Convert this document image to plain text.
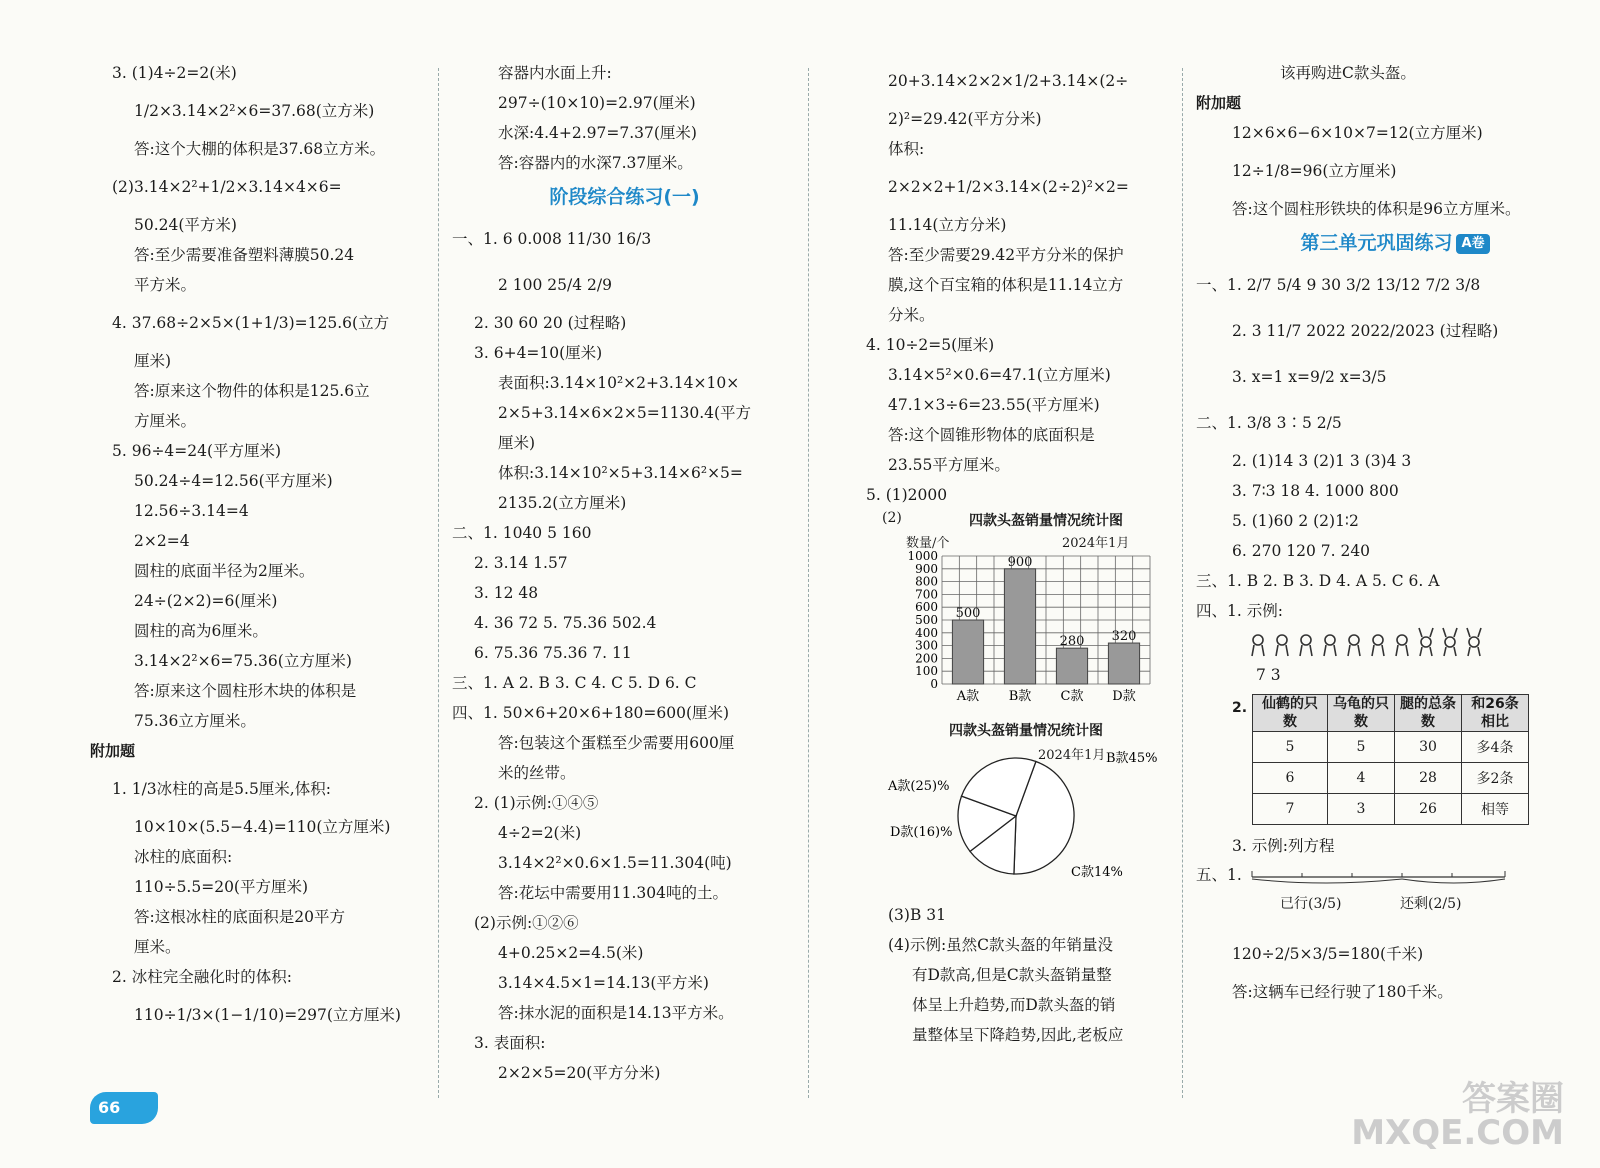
3. (1)4÷2=2(米)
1/2×3.14×2²×6=37.68(立方米)
答:这个大棚的体积是37.68立方米。
(2)3.14×2²+1/2×3.14×4×6=
50.24(平方米)
答:至少需要准备塑料薄膜50.24
平方米。
4. 37.68÷2×5×(1+1/3)=125.6(立方
厘米)
答:原来这个物件的体积是125.6立
方厘米。
5. 96÷4=24(平方厘米)
50.24÷4=12.56(平方厘米)
12.56÷3.14=4
2×2=4
圆柱的底面半径为2厘米。
24÷(2×2)=6(厘米)
圆柱的高为6厘米。
3.14×2²×6=75.36(立方厘米)
答:原来这个圆柱形木块的体积是
75.36立方厘米。
附加题
1. 1/3冰柱的高是5.5厘米,体积:
10×10×(5.5−4.4)=110(立方厘米)
冰柱的底面积:
110÷5.5=20(平方厘米)
答:这根冰柱的底面积是20平方
厘米。
2. 冰柱完全融化时的体积:
110÷1/3×(1−1/10)=297(立方厘米)
容器内水面上升:
297÷(10×10)=2.97(厘米)
水深:4.4+2.97=7.37(厘米)
答:容器内的水深7.37厘米。
阶段综合练习(一)
一、1. 6 0.008 11/30 16/3
2 100 25/4 2/9
2. 30 60 20 (过程略)
3. 6+4=10(厘米)
表面积:3.14×10²×2+3.14×10×
2×5+3.14×6×2×5=1130.4(平方
厘米)
体积:3.14×10²×5+3.14×6²×5=
2135.2(立方厘米)
二、1. 1040 5 160
2. 3.14 1.57
3. 12 48
4. 36 72 5. 75.36 502.4
6. 75.36 75.36 7. 11
三、1. A 2. B 3. C 4. C 5. D 6. C
四、1. 50×6+20×6+180=600(厘米)
答:包装这个蛋糕至少需要用600厘
米的丝带。
2. (1)示例:①④⑤
4÷2=2(米)
3.14×2²×0.6×1.5=11.304(吨)
答:花坛中需要用11.304吨的土。
(2)示例:①②⑥
4+0.25×2=4.5(米)
3.14×4.5×1=14.13(平方米)
答:抹水泥的面积是14.13平方米。
3. 表面积:
2×2×5=20(平方分米)
20+3.14×2×2×1/2+3.14×(2÷
2)²=29.42(平方分米)
体积:
2×2×2+1/2×3.14×(2÷2)²×2=
11.14(立方分米)
答:至少需要29.42平方分米的保护
膜,这个百宝箱的体积是11.14立方
分米。
4. 10÷2=5(厘米)
3.14×5²×0.6=47.1(立方厘米)
47.1×3÷6=23.55(平方厘米)
答:这个圆锥形物体的底面积是
23.55平方厘米。
5. (1)2000
(2)	四款头盔销量情况统计图
数量/个	2024年1月
0
100
200
300
400
500
600
700
800
900
1000
500
A款
900
B款
280
C款
320
D款
四款头盔销量情况统计图
2024年1月 B款45%
C款14%
D款(16)%
A款(25)%
(3)B 31
(4)示例:虽然C款头盔的年销量没
有D款高,但是C款头盔销量整
体呈上升趋势,而D款头盔的销
量整体呈下降趋势,因此,老板应
该再购进C款头盔。
附加题
12×6×6−6×10×7=12(立方厘米)
12÷1/8=96(立方厘米)
答:这个圆柱形铁块的体积是96立方厘米。
第三单元巩固练习 A卷
一、1. 2/7 5/4 9 30 3/2 13/12 7/2 3/8
2. 3 11/7 2022 2022/2023 (过程略)
3. x=1 x=9/2 x=3/5
二、1. 3/8 3∶5 2/5
2. (1)14 3 (2)1 3 (3)4 3
3. 7∶3 18 4. 1000 800
5. (1)60 2 (2)1∶2
6. 270 120 7. 240
三、1. B 2. B 3. D 4. A 5. C 6. A
四、1. 示例:
7 3
2. 仙鹤的只数	乌龟的只数	腿的总条数	和26条相比
5	5	30	多4条
6	4	28	多2条
7	3	26	相等
3. 示例:列方程
五、1.
已行(3/5)	还剩(2/5)
120÷2/5×3/5=180(千米)
答:这辆车已经行驶了180千米。
66	答案圈
MXQE.COM
